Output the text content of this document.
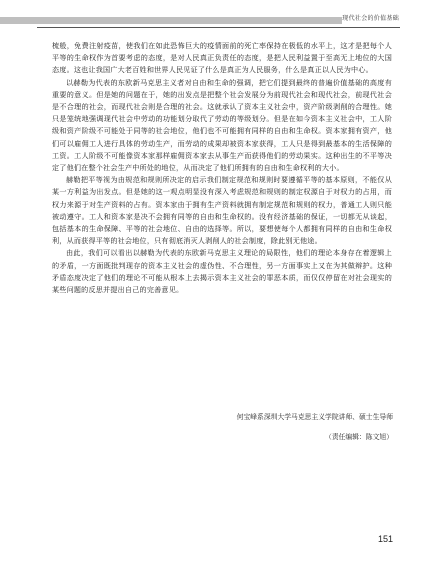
现代社会的价值基础

梳般，免费注射疫苗，使我们在如此恐怖巨大的疫情面前的死亡率保持在极低的水平上，这才是把每个人平等的生命权作为首要考虑的态度，是对人民真正负责任的态度，是把人民利益置于至高无上地位的大国态度。这也让我国广大老百姓和世界人民见证了什么是真正为人民服务，什么是真正以人民为中心。

以赫勒为代表的东欧新马克思主义者对自由和生命的强调，把它们提到最终的普遍价值基础的高度有重要的意义。但是她的问题在于，她的出发点是把整个社会发展分为前现代社会和现代社会，前现代社会是不合理的社会，而现代社会则是合理的社会。这就承认了资本主义社会中，资产阶级剥削的合理性。她只是笼统地强调现代社会中劳动的功能划分取代了劳动的等级划分。但是在如今资本主义社会中，工人阶级和资产阶级不可能处于同等的社会地位，他们也不可能拥有同样的自由和生命权。资本家拥有资产，他们可以雇佣工人进行具体的劳动生产，而劳动的成果却被资本家获得，工人只是得到最基本的生活保障的工资。工人阶级不可能像资本家那样雇佣资本家去从事生产而获得他们的劳动果实。这种出生的不平等决定了他们在整个社会生产中所处的地位，从而决定了他们所拥有的自由和生命权利的大小。

赫勒把平等视为由规范和规则所决定的启示我们制定规范和规则时要遵循平等的基本原则，不能仅从某一方利益为出发点。但是她的这一观点明显没有深入考虑规范和规则的制定权源自于对权力的占用，而权力来源于对生产资料的占有。资本家由于拥有生产资料就拥有制定规范和规则的权力，普通工人则只能被动遵守。工人和资本家是决不会拥有同等的自由和生命权的。没有经济基础的保证，一切都无从谈起，包括基本的生命保障、平等的社会地位、自由的选择等。所以，要想使每个人都拥有同样的自由和生命权利，从而获得平等的社会地位，只有彻底消灭人剥削人的社会制度，除此别无他途。

由此，我们可以看出以赫勒为代表的东欧新马克思主义理论的局限性，他们的理论本身存在着逻辑上的矛盾，一方面既批判现存的资本主义社会的虚伪性、不合理性，另一方面事实上又在为其做辩护。这种矛盾态度决定了他们的理论不可能从根本上去揭示资本主义社会的罪恶本质，而仅仅停留在对社会现实的某些问题的反思并提出自己的完善意见。

何宝峰系深圳大学马克思主义学院讲师、硕士生导师
（责任编辑：陈文旭）
151
